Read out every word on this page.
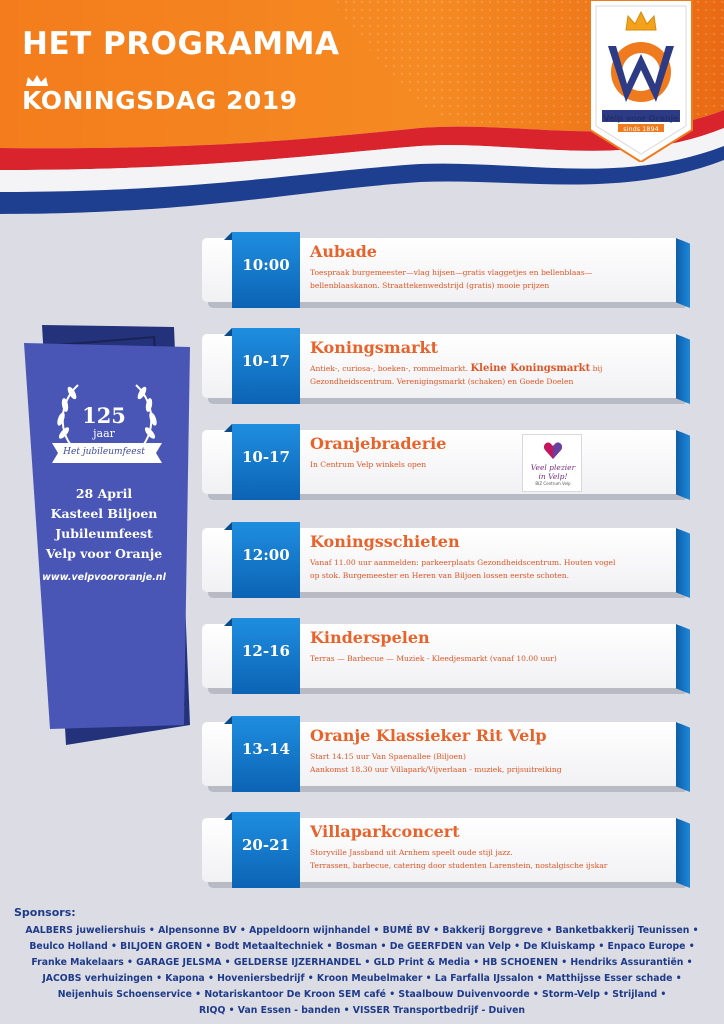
HET PROGRAMMA
KONINGSDAG 2019
Velp voor Oranje
sinds 1894
125
jaar
Het jubileumfeest
28 April
Kasteel Biljoen
Jubileumfeest
Velp voor Oranje
www.velpvoororanje.nl
10:00
Aubade
Toespraak burgemeester—vlag hijsen—gratis vlaggetjes en bellenblaas—
bellenblaaskanon. Straattekenwedstrijd (gratis) mooie prijzen
10-17
Koningsmarkt
Antiek-, curiosa-, boeken-, rommelmarkt. Kleine Koningsmarkt bij
Gezondheidscentrum. Verenigingsmarkt (schaken) en Goede Doelen
10-17
Oranjebraderie
In Centrum Velp winkels open	Veel plezier in Velp!
BIZ Centrum Velp
12:00
Koningsschieten
Vanaf 11.00 uur aanmelden: parkeerplaats Gezondheidscentrum. Houten vogel
op stok. Burgemeester en Heren van Biljoen lossen eerste schoten.
12-16
Kinderspelen
Terras — Barbecue — Muziek - Kleedjesmarkt (vanaf 10.00 uur)
13-14
Oranje Klassieker Rit Velp
Start 14.15 uur Van Spaenallee (Biljoen)
Aankomst 18.30 uur Villapark/Vijverlaan - muziek, prijsuitreiking
20-21
Villaparkconcert
Storyville Jassband uit Arnhem speelt oude stijl jazz.
Terrassen, barbecue, catering door studenten Larenstein, nostalgische ijskar
Sponsors:
AALBERS juweliershuis • Alpensonne BV • Appeldoorn wijnhandel • BUMÉ BV • Bakkerij Borggreve • Banketbakkerij Teunissen •
Beulco Holland • BILJOEN GROEN • Bodt Metaaltechniek • Bosman • De GEERFDEN van Velp • De Kluiskamp • Enpaco Europe •
Franke Makelaars • GARAGE JELSMA • GELDERSE IJZERHANDEL • GLD Print & Media • HB SCHOENEN • Hendriks Assurantiën •
JACOBS verhuizingen • Kapona • Hoveniersbedrijf • Kroon Meubelmaker • La Farfalla IJssalon • Matthijsse Esser schade •
Neijenhuis Schoenservice • Notariskantoor De Kroon SEM café • Staalbouw Duivenvoorde • Storm-Velp • Strijland •
RIQQ • Van Essen - banden • VISSER Transportbedrijf - Duiven
